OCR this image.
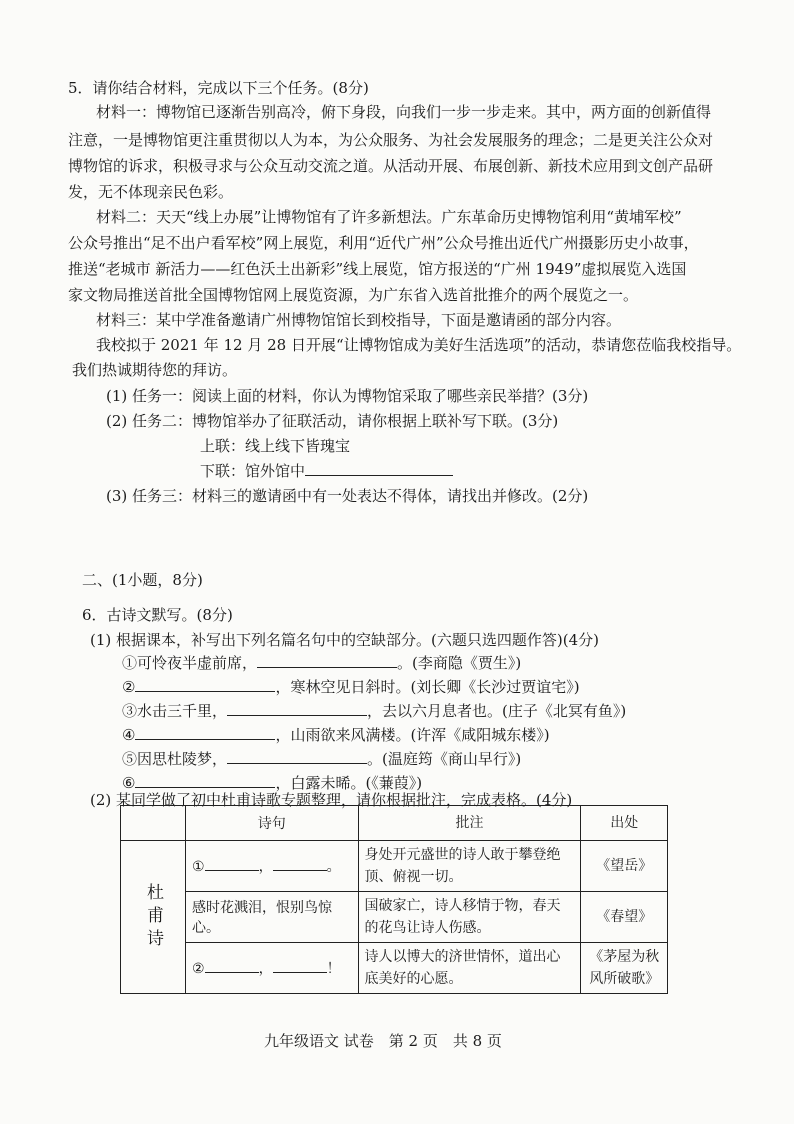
5．请你结合材料，完成以下三个任务。(8分)
材料一：博物馆已逐渐告别高冷，俯下身段，向我们一步一步走来。其中，两方面的创新值得
注意，一是博物馆更注重贯彻以人为本，为公众服务、为社会发展服务的理念；二是更关注公众对
博物馆的诉求，积极寻求与公众互动交流之道。从活动开展、布展创新、新技术应用到文创产品研
发，无不体现亲民色彩。
材料二：天天“线上办展”让博物馆有了许多新想法。广东革命历史博物馆利用“黄埔军校”
公众号推出“足不出户看军校”网上展览，利用“近代广州”公众号推出近代广州摄影历史小故事，
推送“老城市 新活力——红色沃土出新彩”线上展览，馆方报送的“广州 1949”虚拟展览入选国
家文物局推送首批全国博物馆网上展览资源，为广东省入选首批推介的两个展览之一。
材料三：某中学准备邀请广州博物馆馆长到校指导，下面是邀请函的部分内容。
我校拟于 2021 年 12 月 28 日开展“让博物馆成为美好生活选项”的活动，恭请您莅临我校指导。
我们热诚期待您的拜访。
(1) 任务一：阅读上面的材料，你认为博物馆采取了哪些亲民举措？(3分)
(2) 任务二：博物馆举办了征联活动，请你根据上联补写下联。(3分)
上联：线上线下皆瑰宝
下联：馆外馆中
(3) 任务三：材料三的邀请函中有一处表达不得体，请找出并修改。(2分)
二、(1小题，8分)
6．古诗文默写。(8分)
(1) 根据课本，补写出下列名篇名句中的空缺部分。(六题只选四题作答)(4分)
①可怜夜半虚前席，	。(李商隐《贾生》)
②	，寒林空见日斜时。(刘长卿《长沙过贾谊宅》)
③水击三千里，	，去以六月息者也。(庄子《北冥有鱼》)
④	，山雨欲来风满楼。(许浑《咸阳城东楼》)
⑤因思杜陵梦，	。(温庭筠《商山早行》)
⑥	，白露未晞。(《蒹葭》)
(2) 某同学做了初中杜甫诗歌专题整理，请你根据批注，完成表格。(4分)
	诗句	批注	出处
杜甫诗	① ， 。	身处开元盛世的诗人敢于攀登绝顶、俯视一切。	《望岳》
	感时花溅泪，恨别鸟惊心。	国破家亡，诗人移情于物，春天的花鸟让诗人伤感。	《春望》
	② ， ！	诗人以博大的济世情怀，道出心底美好的心愿。	《茅屋为秋风所破歌》
九年级语文 试卷　第 2 页　共 8 页
